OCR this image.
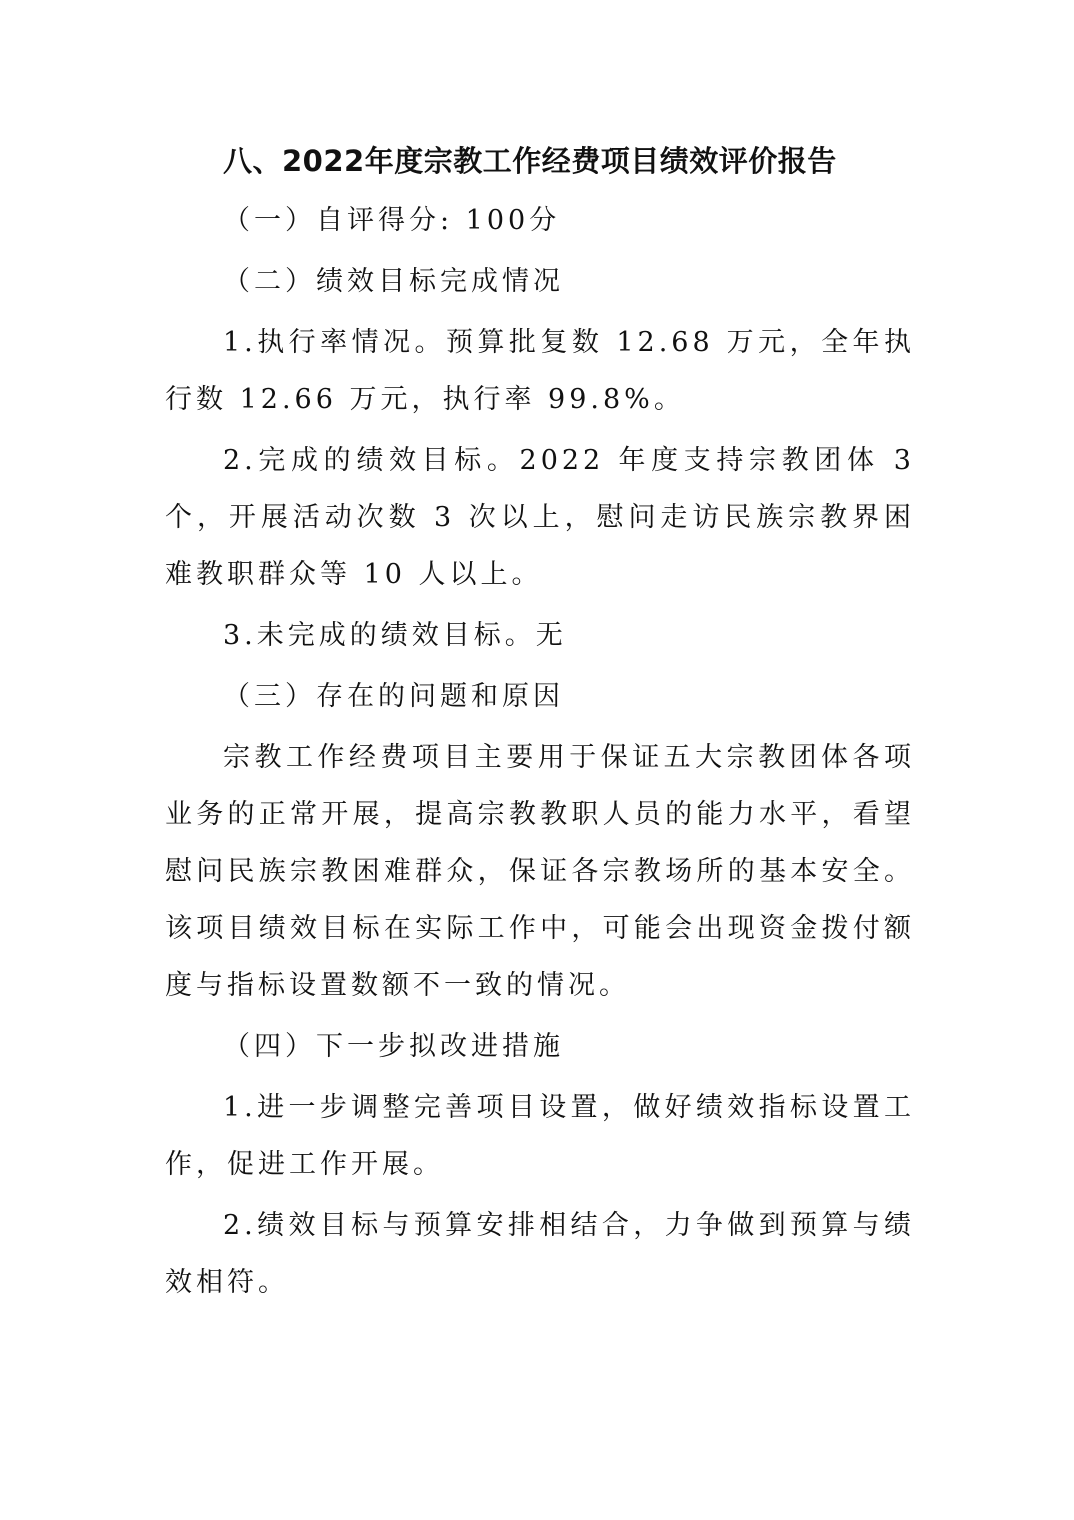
八、2022年度宗教工作经费项目绩效评价报告
（一）自评得分: 100分
（二）绩效目标完成情况

1.执行率情况。预算批复数 12.68 万元，全年执行数 12.66 万元，执行率 99.8%。

2.完成的绩效目标。2022 年度支持宗教团体 3 个，开展活动次数 3 次以上，慰问走访民族宗教界困难教职群众等 10 人以上。

3.未完成的绩效目标。无

（三）存在的问题和原因

宗教工作经费项目主要用于保证五大宗教团体各项业务的正常开展，提高宗教教职人员的能力水平，看望慰问民族宗教困难群众，保证各宗教场所的基本安全。该项目绩效目标在实际工作中，可能会出现资金拨付额度与指标设置数额不一致的情况。

（四）下一步拟改进措施

1.进一步调整完善项目设置，做好绩效指标设置工作，促进工作开展。

2.绩效目标与预算安排相结合，力争做到预算与绩效相符。
